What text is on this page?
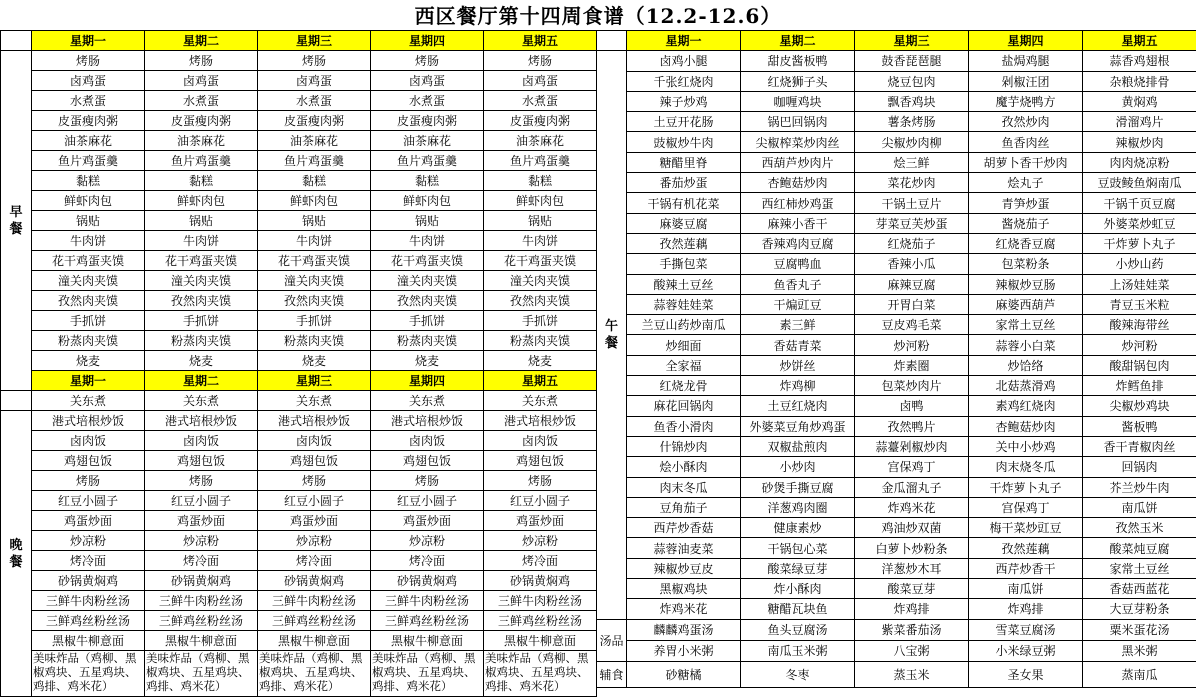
西区餐厅第十四周食谱（12.2-12.6）
	星期一	星期二	星期三	星期四	星期五
早餐	烤肠	烤肠	烤肠	烤肠	烤肠
	卤鸡蛋	卤鸡蛋	卤鸡蛋	卤鸡蛋	卤鸡蛋
	水煮蛋	水煮蛋	水煮蛋	水煮蛋	水煮蛋
	皮蛋瘦肉粥	皮蛋瘦肉粥	皮蛋瘦肉粥	皮蛋瘦肉粥	皮蛋瘦肉粥
	油茶麻花	油茶麻花	油茶麻花	油茶麻花	油茶麻花
	鱼片鸡蛋羹	鱼片鸡蛋羹	鱼片鸡蛋羹	鱼片鸡蛋羹	鱼片鸡蛋羹
	黏糕	黏糕	黏糕	黏糕	黏糕
	鲜虾肉包	鲜虾肉包	鲜虾肉包	鲜虾肉包	鲜虾肉包
	锅贴	锅贴	锅贴	锅贴	锅贴
	牛肉饼	牛肉饼	牛肉饼	牛肉饼	牛肉饼
	花干鸡蛋夹馍	花干鸡蛋夹馍	花干鸡蛋夹馍	花干鸡蛋夹馍	花干鸡蛋夹馍
	潼关肉夹馍	潼关肉夹馍	潼关肉夹馍	潼关肉夹馍	潼关肉夹馍
	孜然肉夹馍	孜然肉夹馍	孜然肉夹馍	孜然肉夹馍	孜然肉夹馍
	手抓饼	手抓饼	手抓饼	手抓饼	手抓饼
	粉蒸肉夹馍	粉蒸肉夹馍	粉蒸肉夹馍	粉蒸肉夹馍	粉蒸肉夹馍
	烧麦	烧麦	烧麦	烧麦	烧麦
	星期一	星期二	星期三	星期四	星期五
	关东煮	关东煮	关东煮	关东煮	关东煮
晚餐	港式培根炒饭	港式培根炒饭	港式培根炒饭	港式培根炒饭	港式培根炒饭
	卤肉饭	卤肉饭	卤肉饭	卤肉饭	卤肉饭
	鸡翅包饭	鸡翅包饭	鸡翅包饭	鸡翅包饭	鸡翅包饭
	烤肠	烤肠	烤肠	烤肠	烤肠
	红豆小圆子	红豆小圆子	红豆小圆子	红豆小圆子	红豆小圆子
	鸡蛋炒面	鸡蛋炒面	鸡蛋炒面	鸡蛋炒面	鸡蛋炒面
	炒凉粉	炒凉粉	炒凉粉	炒凉粉	炒凉粉
	烤冷面	烤冷面	烤冷面	烤冷面	烤冷面
	砂锅黄焖鸡	砂锅黄焖鸡	砂锅黄焖鸡	砂锅黄焖鸡	砂锅黄焖鸡
	三鲜牛肉粉丝汤	三鲜牛肉粉丝汤	三鲜牛肉粉丝汤	三鲜牛肉粉丝汤	三鲜牛肉粉丝汤
	三鲜鸡丝粉丝汤	三鲜鸡丝粉丝汤	三鲜鸡丝粉丝汤	三鲜鸡丝粉丝汤	三鲜鸡丝粉丝汤
	黑椒牛柳意面	黑椒牛柳意面	黑椒牛柳意面	黑椒牛柳意面	黑椒牛柳意面
	美味炸品（鸡柳、黑椒鸡块、五星鸡块、鸡排、鸡米花）	美味炸品（鸡柳、黑椒鸡块、五星鸡块、鸡排、鸡米花）	美味炸品（鸡柳、黑椒鸡块、五星鸡块、鸡排、鸡米花）	美味炸品（鸡柳、黑椒鸡块、五星鸡块、鸡排、鸡米花）	美味炸品（鸡柳、黑椒鸡块、五星鸡块、鸡排、鸡米花）
	星期一	星期二	星期三	星期四	星期五
午餐	卤鸡小腿	甜皮酱板鸭	鼓香琵琶腿	盐焗鸡腿	蒜香鸡翅根
	千张红烧肉	红烧狮子头	烧豆包肉	剁椒汪团	杂粮烧排骨
	辣子炒鸡	咖喱鸡块	飘香鸡块	魔芋烧鸭方	黄焖鸡
	土豆开花肠	锅巴回锅肉	薯条烤肠	孜然炒肉	滑溜鸡片
	豉椒炒牛肉	尖椒榨菜炒肉丝	尖椒炒肉柳	鱼香肉丝	辣椒炒肉
	糖醋里脊	西葫芦炒肉片	烩三鲜	胡萝卜香干炒肉	肉肉烧凉粉
	番茄炒蛋	杏鲍菇炒肉	菜花炒肉	烩丸子	豆豉鲮鱼焖南瓜
	干锅有机花菜	西红柿炒鸡蛋	干锅土豆片	青笋炒蛋	干锅千页豆腐
	麻婆豆腐	麻辣小香干	芽菜豆芙炒蛋	酱烧茄子	外婆菜炒虹豆
	孜然莲藕	香辣鸡肉豆腐	红烧茄子	红烧香豆腐	干炸萝卜丸子
	手撕包菜	豆腐鸭血	香辣小瓜	包菜粉条	小炒山药
	酸辣土豆丝	鱼香丸子	麻辣豆腐	辣椒炒豆肠	上汤娃娃菜
	蒜蓉娃娃菜	干煸豇豆	开胃白菜	麻婆西葫芦	青豆玉米粒
	兰豆山药炒南瓜	素三鲜	豆皮鸡毛菜	家常土豆丝	酸辣海带丝
	炒细面	香菇青菜	炒河粉	蒜蓉小白菜	炒河粉
	全家福	炒饼丝	炸素圈	炒饸络	酸甜锅包肉
	红烧龙骨	炸鸡柳	包菜炒肉片	北菇蒸滑鸡	炸鳕鱼排
	麻花回锅肉	土豆红烧肉	卤鸭	素鸡红烧肉	尖椒炒鸡块
	鱼香小滑肉	外婆菜豆角炒鸡蛋	孜然鸭片	杏鲍菇炒肉	酱板鸭
	什锦炒肉	双椒盐煎肉	蒜薹剁椒炒肉	关中小炒鸡	香干青椒肉丝
	烩小酥肉	小炒肉	宫保鸡丁	肉末烧冬瓜	回锅肉
	肉末冬瓜	砂煲手撕豆腐	金瓜溜丸子	干炸萝卜丸子	芥兰炒牛肉
	豆角茄子	洋葱鸡肉圈	炸鸡米花	宫保鸡丁	南瓜饼
	西芹炒香菇	健康素炒	鸡油炒双菌	梅干菜炒豇豆	孜然玉米
	蒜蓉油麦菜	干锅包心菜	白萝卜炒粉条	孜然莲藕	酸菜炖豆腐
	辣椒炒豆皮	酸菜绿豆芽	洋葱炒木耳	西芹炒香干	家常土豆丝
	黑椒鸡块	炸小酥肉	酸菜豆芽	南瓜饼	香菇西蓝花
	炸鸡米花	糖醋瓦块鱼	炸鸡排	炸鸡排	大豆芽粉条
汤品	麟麟鸡蛋汤	鱼头豆腐汤	紫菜番茄汤	雪菜豆腐汤	粟米蛋花汤
	养胃小米粥	南瓜玉米粥	八宝粥	小米绿豆粥	黑米粥
辅食	砂糖橘	冬枣	蒸玉米	圣女果	蒸南瓜
